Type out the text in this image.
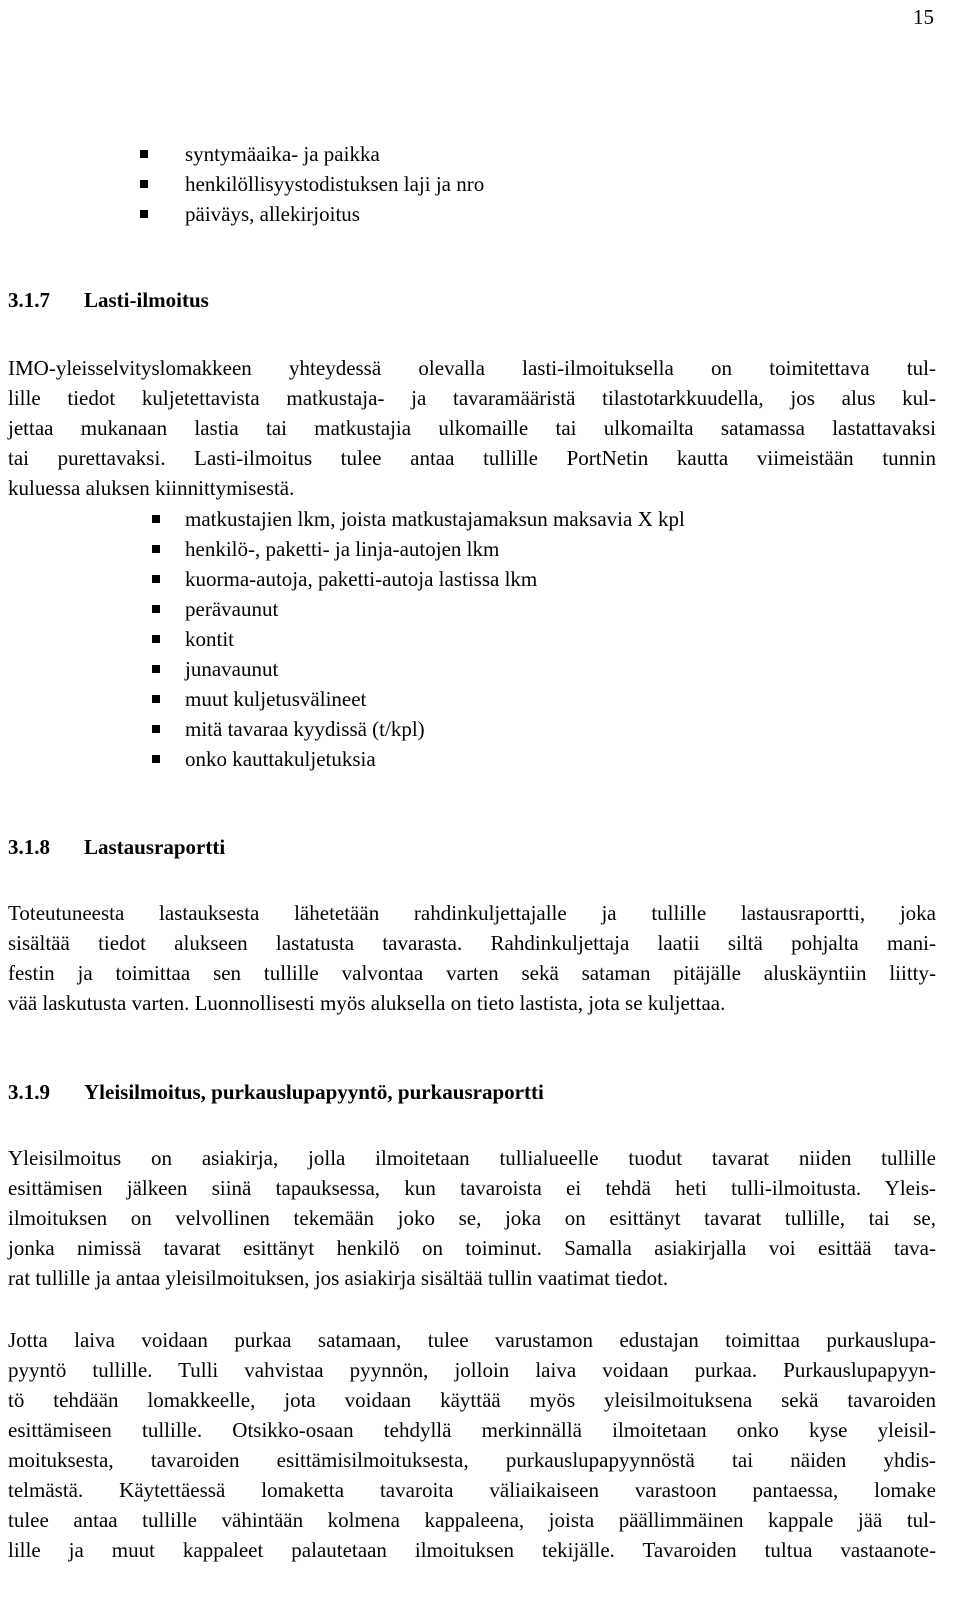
15
syntymäaika- ja paikka
henkilöllisyystodistuksen laji ja nro
päiväys, allekirjoitus
3.1.7 Lasti-ilmoitus
IMO-yleisselvityslomakkeen yhteydessä olevalla lasti-ilmoituksella on toimitettava tul-
lille tiedot kuljetettavista matkustaja- ja tavaramääristä tilastotarkkuudella, jos alus kul-
jettaa mukanaan lastia tai matkustajia ulkomaille tai ulkomailta satamassa lastattavaksi
tai purettavaksi. Lasti-ilmoitus tulee antaa tullille PortNetin kautta viimeistään tunnin
kuluessa aluksen kiinnittymisestä.
matkustajien lkm, joista matkustajamaksun maksavia X kpl
henkilö-, paketti- ja linja-autojen lkm
kuorma-autoja, paketti-autoja lastissa lkm
perävaunut
kontit
junavaunut
muut kuljetusvälineet
mitä tavaraa kyydissä (t/kpl)
onko kauttakuljetuksia
3.1.8 Lastausraportti
Toteutuneesta lastauksesta lähetetään rahdinkuljettajalle ja tullille lastausraportti, joka
sisältää tiedot alukseen lastatusta tavarasta. Rahdinkuljettaja laatii siltä pohjalta mani-
festin ja toimittaa sen tullille valvontaa varten sekä sataman pitäjälle aluskäyntiin liitty-
vää laskutusta varten. Luonnollisesti myös aluksella on tieto lastista, jota se kuljettaa.
3.1.9 Yleisilmoitus, purkauslupapyyntö, purkausraportti
Yleisilmoitus on asiakirja, jolla ilmoitetaan tullialueelle tuodut tavarat niiden tullille
esittämisen jälkeen siinä tapauksessa, kun tavaroista ei tehdä heti tulli-ilmoitusta. Yleis-
ilmoituksen on velvollinen tekemään joko se, joka on esittänyt tavarat tullille, tai se,
jonka nimissä tavarat esittänyt henkilö on toiminut. Samalla asiakirjalla voi esittää tava-
rat tullille ja antaa yleisilmoituksen, jos asiakirja sisältää tullin vaatimat tiedot.
Jotta laiva voidaan purkaa satamaan, tulee varustamon edustajan toimittaa purkauslupa-
pyyntö tullille. Tulli vahvistaa pyynnön, jolloin laiva voidaan purkaa. Purkauslupapyyn-
tö tehdään lomakkeelle, jota voidaan käyttää myös yleisilmoituksena sekä tavaroiden
esittämiseen tullille. Otsikko-osaan tehdyllä merkinnällä ilmoitetaan onko kyse yleisil-
moituksesta, tavaroiden esittämisilmoituksesta, purkauslupapyynnöstä tai näiden yhdis-
telmästä. Käytettäessä lomaketta tavaroita väliaikaiseen varastoon pantaessa, lomake
tulee antaa tullille vähintään kolmena kappaleena, joista päällimmäinen kappale jää tul-
lille ja muut kappaleet palautetaan ilmoituksen tekijälle. Tavaroiden tultua vastaanote-
